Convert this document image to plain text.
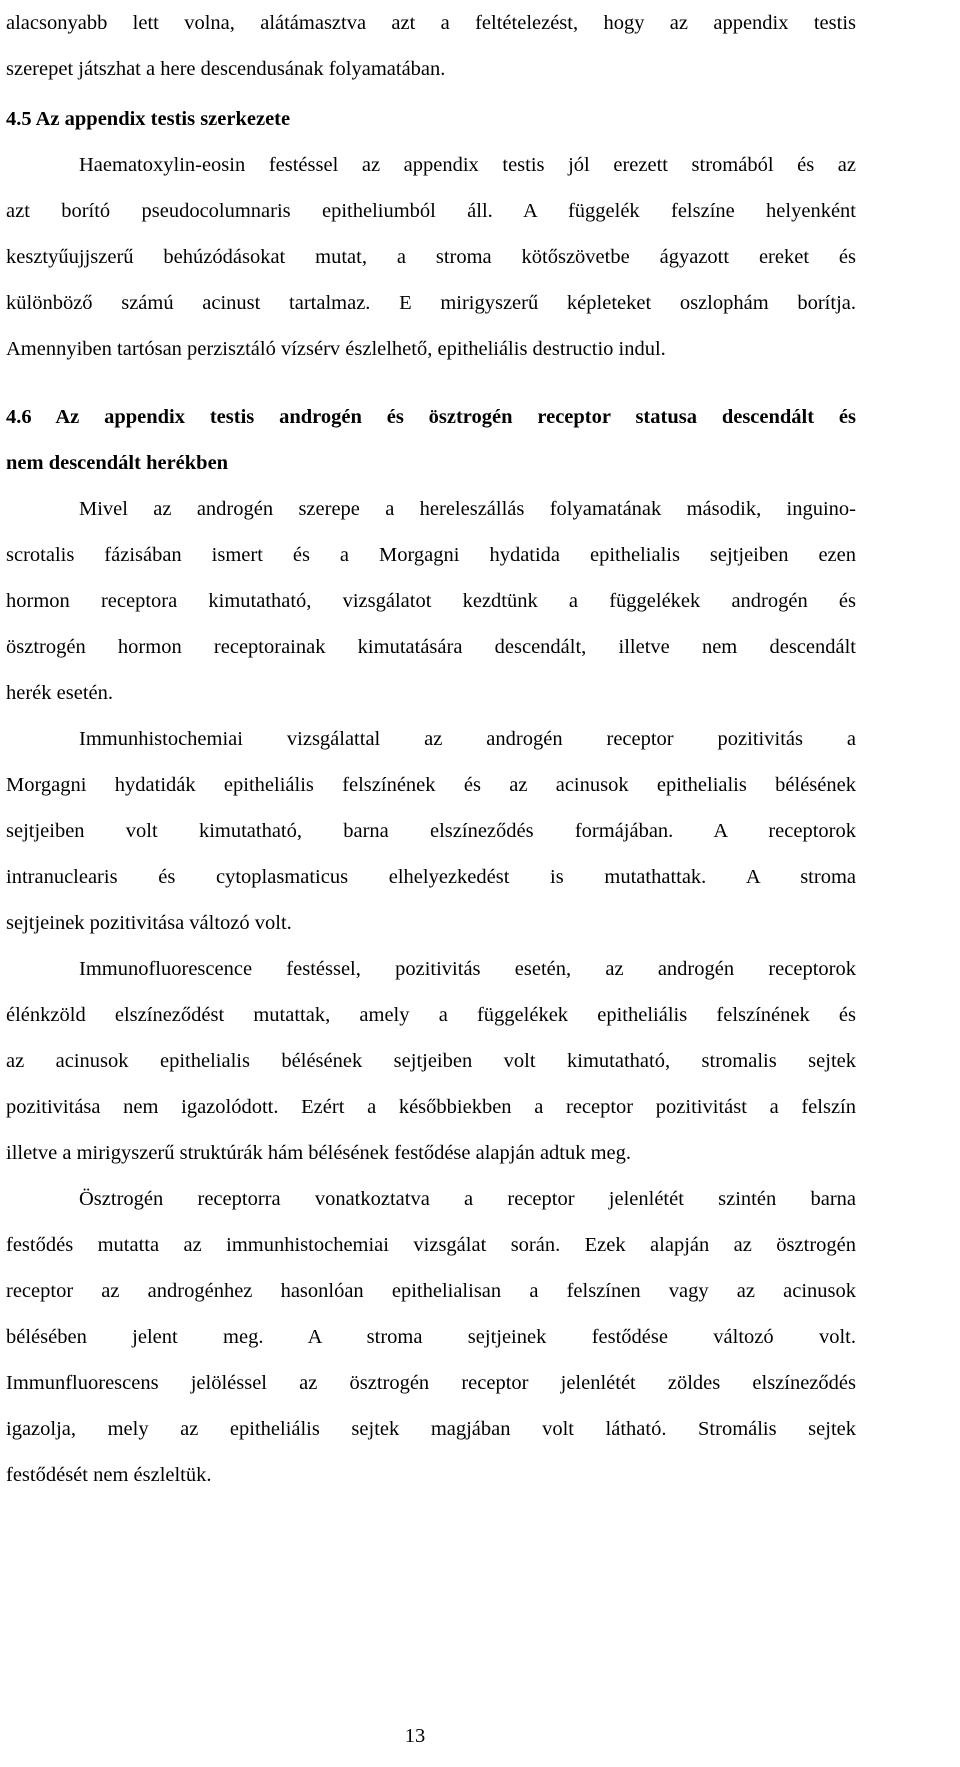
alacsonyabb lett volna, alátámasztva azt a feltételezést, hogy az appendix testis
szerepet játszhat a here descendusának folyamatában.
4.5 Az appendix testis szerkezete
Haematoxylin-eosin festéssel az appendix testis jól erezett stromából és az
azt borító pseudocolumnaris epitheliumból áll. A függelék felszíne helyenként
kesztyűujjszerű behúzódásokat mutat, a stroma kötőszövetbe ágyazott ereket és
különböző számú acinust tartalmaz. E mirigyszerű képleteket oszlophám borítja.
Amennyiben tartósan perzisztáló vízsérv észlelhető, epitheliális destructio indul.
4.6 Az appendix testis androgén és ösztrogén receptor statusa descendált és
nem descendált herékben
Mivel az androgén szerepe a hereleszállás folyamatának második, inguino-
scrotalis fázisában ismert és a Morgagni hydatida epithelialis sejtjeiben ezen
hormon receptora kimutatható, vizsgálatot kezdtünk a függelékek androgén és
ösztrogén hormon receptorainak kimutatására descendált, illetve nem descendált
herék esetén.
Immunhistochemiai vizsgálattal az androgén receptor pozitivitás a
Morgagni hydatidák epitheliális felszínének és az acinusok epithelialis bélésének
sejtjeiben volt kimutatható, barna elszíneződés formájában. A receptorok
intranuclearis és cytoplasmaticus elhelyezkedést is mutathattak. A stroma
sejtjeinek pozitivitása változó volt.
Immunofluorescence festéssel, pozitivitás esetén, az androgén receptorok
élénkzöld elszíneződést mutattak, amely a függelékek epitheliális felszínének és
az acinusok epithelialis bélésének sejtjeiben volt kimutatható, stromalis sejtek
pozitivitása nem igazolódott. Ezért a későbbiekben a receptor pozitivitást a felszín
illetve a mirigyszerű struktúrák hám bélésének festődése alapján adtuk meg.
Ösztrogén receptorra vonatkoztatva a receptor jelenlétét szintén barna
festődés mutatta az immunhistochemiai vizsgálat során. Ezek alapján az ösztrogén
receptor az androgénhez hasonlóan epithelialisan a felszínen vagy az acinusok
bélésében jelent meg. A stroma sejtjeinek festődése változó volt.
Immunfluorescens jelöléssel az ösztrogén receptor jelenlétét zöldes elszíneződés
igazolja, mely az epitheliális sejtek magjában volt látható. Stromális sejtek
festődését nem észleltük.
13
